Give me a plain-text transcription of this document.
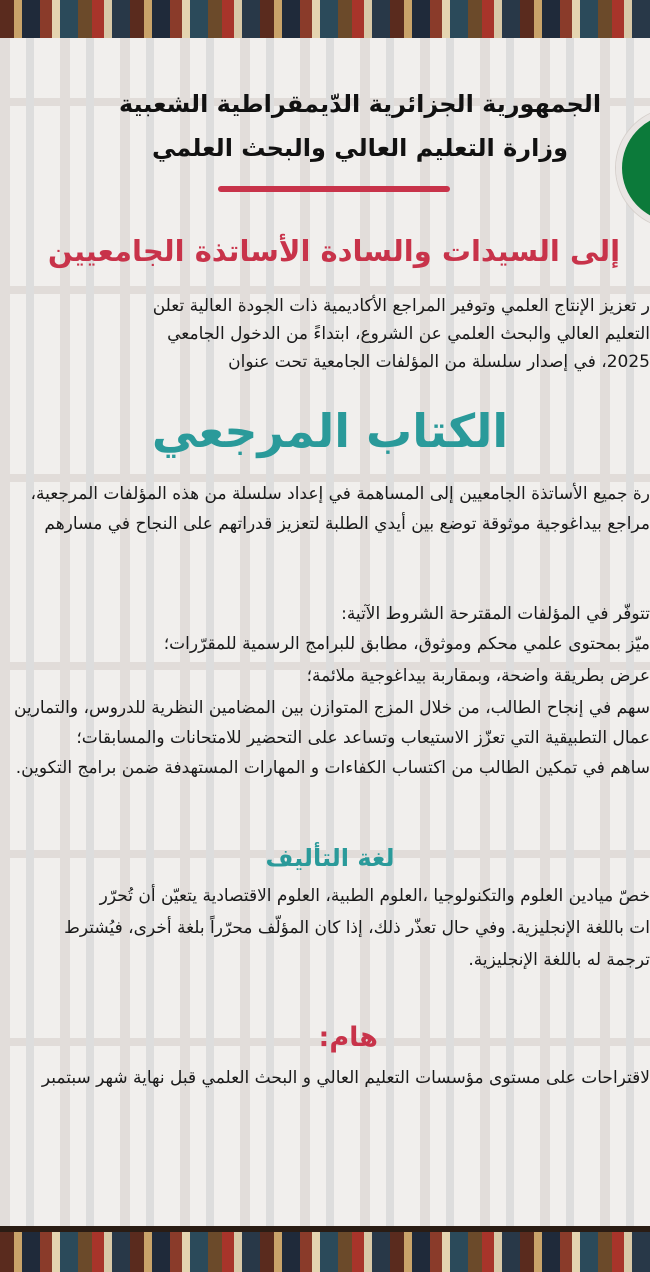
الجمهورية الجزائرية الدّيمقراطية الشعبية
وزارة التعليم العالي والبحث العلمي
إلى السيدات والسادة الأساتذة الجامعيين
ر تعزيز الإنتاج العلمي وتوفير المراجع الأكاديمية ذات الجودة العالية تعلن
التعليم العالي والبحث العلمي عن الشروع، ابتداءً من الدخول الجامعي
2025، في إصدار سلسلة من المؤلفات الجامعية تحت عنوان
الكتاب المرجعي
رة جميع الأساتذة الجامعيين إلى المساهمة في إعداد سلسلة من هذه المؤلفات المرجعية،
مراجع بيداغوجية موثوقة توضع بين أيدي الطلبة لتعزيز قدراتهم على النجاح في مسارهم
تتوفّر في المؤلفات المقترحة الشروط الآتية:
ميّز بمحتوى علمي محكم وموثوق، مطابق للبرامج الرسمية للمقرّرات؛
عرض بطريقة واضحة، وبمقاربة بيداغوجية ملائمة؛
سهم في إنجاح الطالب، من خلال المزج المتوازن بين المضامين النظرية للدروس، والتمارين
عمال التطبيقية التي تعزّز الاستيعاب وتساعد على التحضير للامتحانات والمسابقات؛
ساهم في تمكين الطالب من اكتساب الكفاءات و المهارات المستهدفة ضمن برامج التكوين.
لغة التأليف
خصّ ميادين العلوم والتكنولوجيا ،العلوم الطبية، العلوم الاقتصادية يتعيّن أن تُحرّر
ات باللغة الإنجليزية. وفي حال تعذّر ذلك، إذا كان المؤلّف محرّراً بلغة أخرى، فيُشترط
ترجمة له باللغة الإنجليزية.
هام:
لاقتراحات على مستوى مؤسسات التعليم العالي و البحث العلمي قبل نهاية شهر سبتمبر
